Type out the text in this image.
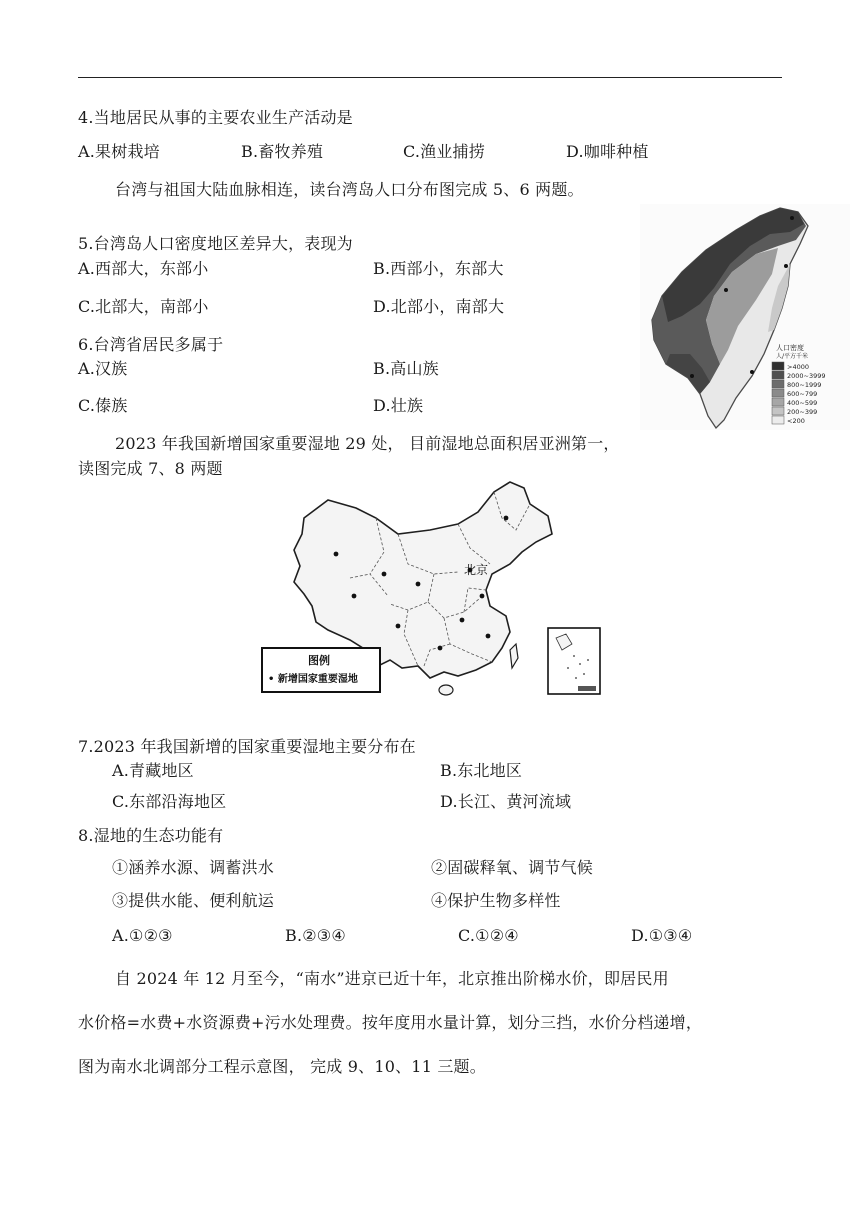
4.当地居民从事的主要农业生产活动是
A.果树栽培	B.畜牧养殖	C.渔业捕捞	D.咖啡种植
台湾与祖国大陆血脉相连，读台湾岛人口分布图完成 5、6 两题。
5.台湾岛人口密度地区差异大，表现为
A.西部大，东部小	B.西部小，东部大
C.北部大，南部小	D.北部小，南部大
6.台湾省居民多属于
A.汉族	B.高山族
C.傣族	D.壮族
人口密度
人/平方千米
>4000
2000~3999
800~1999
600~799
400~599
200~399
<200
2023 年我国新增国家重要湿地 29 处， 目前湿地总面积居亚洲第一，
读图完成 7、8 两题
北京
图例
• 新增国家重要湿地
7.2023 年我国新增的国家重要湿地主要分布在
A.青藏地区	B.东北地区
C.东部沿海地区	D.长江、黄河流域
8.湿地的生态功能有
①涵养水源、调蓄洪水	②固碳释氧、调节气候
③提供水能、便利航运	④保护生物多样性
A.①②③	B.②③④	C.①②④	D.①③④
自 2024 年 12 月至今，“南水”进京已近十年，北京推出阶梯水价，即居民用
水价格=水费+水资源费+污水处理费。按年度用水量计算，划分三挡，水价分档递增，
图为南水北调部分工程示意图， 完成 9、10、11 三题。
